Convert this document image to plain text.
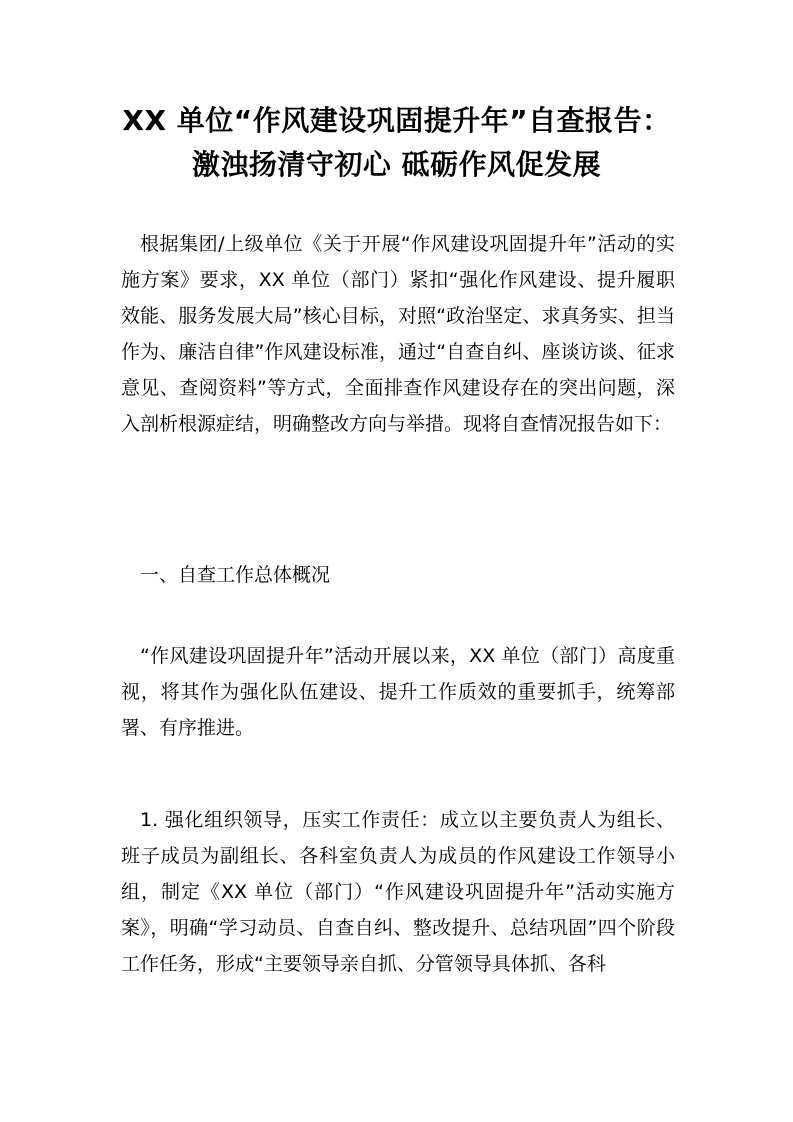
XX 单位“作风建设巩固提升年”自查报告：
激浊扬清守初心 砥砺作风促发展

根据集团/上级单位《关于开展“作风建设巩固提升年”活动的实施方案》要求，XX 单位（部门）紧扣“强化作风建设、提升履职效能、服务发展大局”核心目标，对照“政治坚定、求真务实、担当作为、廉洁自律”作风建设标准，通过“自查自纠、座谈访谈、征求意见、查阅资料”等方式，全面排查作风建设存在的突出问题，深入剖析根源症结，明确整改方向与举措。现将自查情况报告如下：

一、自查工作总体概况

“作风建设巩固提升年”活动开展以来，XX 单位（部门）高度重视，将其作为强化队伍建设、提升工作质效的重要抓手，统筹部署、有序推进。

1. 强化组织领导，压实工作责任：成立以主要负责人为组长、班子成员为副组长、各科室负责人为成员的作风建设工作领导小组，制定《XX 单位（部门）“作风建设巩固提升年”活动实施方案》，明确“学习动员、自查自纠、整改提升、总结巩固”四个阶段工作任务，形成“主要领导亲自抓、分管领导具体抓、各科
